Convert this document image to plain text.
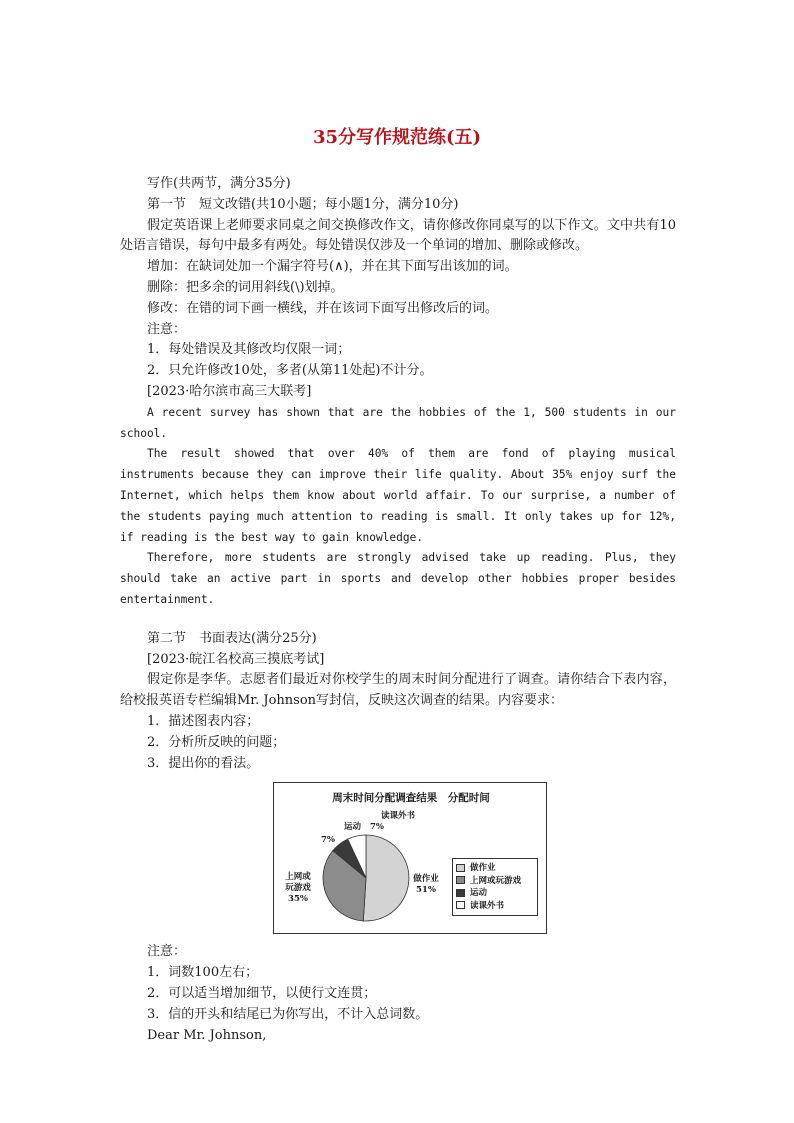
35分写作规范练(五)
写作(共两节，满分35分)
第一节　短文改错(共10小题；每小题1分，满分10分)
假定英语课上老师要求同桌之间交换修改作文，请你修改你同桌写的以下作文。文中共有10处语言错误，每句中最多有两处。每处错误仅涉及一个单词的增加、删除或修改。
增加：在缺词处加一个漏字符号(∧)，并在其下面写出该加的词。
删除：把多余的词用斜线(\)划掉。
修改：在错的词下画一横线，并在该词下面写出修改后的词。
注意：
1．每处错误及其修改均仅限一词；
2．只允许修改10处，多者(从第11处起)不计分。
[2023·哈尔滨市高三大联考]
A recent survey has shown that are the hobbies of the 1, 500 students in our school.
The result showed that over 40% of them are fond of playing musical instruments because they can improve their life quality. About 35% enjoy surf the Internet, which helps them know about world affair. To our surprise, a number of the students paying much attention to reading is small. It only takes up for 12%, if reading is the best way to gain knowledge.
Therefore, more students are strongly advised take up reading. Plus, they should take an active part in sports and develop other hobbies proper besides entertainment.
第二节　书面表达(满分25分)
[2023·皖江名校高三摸底考试]
假定你是李华。志愿者们最近对你校学生的周末时间分配进行了调查。请你结合下表内容，给校报英语专栏编辑Mr. Johnson写封信，反映这次调查的结果。内容要求：
1．描述图表内容；
2．分析所反映的问题；
3．提出你的看法。
周末时间分配调查结果　分配时间
读课外书
运动 7%
7%
上网或
玩游戏
35%
做作业
51%
做作业
上网或玩游戏
运动
读课外书
注意：
1．词数100左右；
2．可以适当增加细节，以使行文连贯；
3．信的开头和结尾已为你写出，不计入总词数。
Dear Mr. Johnson,
